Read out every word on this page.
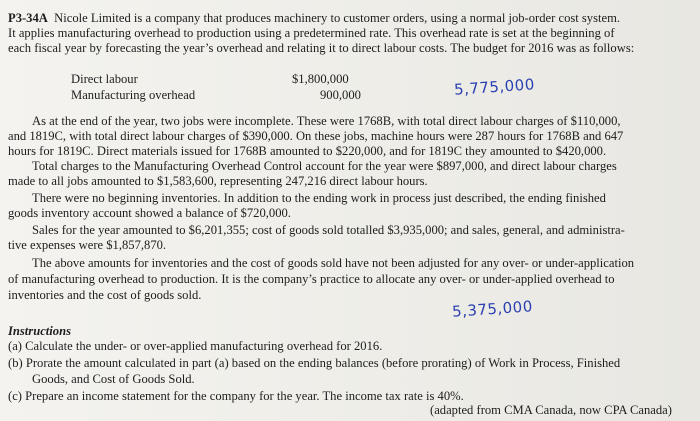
P3-34A Nicole Limited is a company that produces machinery to customer orders, using a normal job-order cost system.
It applies manufacturing overhead to production using a predetermined rate. This overhead rate is set at the beginning of
each fiscal year by forecasting the year’s overhead and relating it to direct labour costs. The budget for 2016 was as follows:
Direct labour	$1,800,000
Manufacturing overhead	900,000	5,775,000
As at the end of the year, two jobs were incomplete. These were 1768B, with total direct labour charges of $110,000,
and 1819C, with total direct labour charges of $390,000. On these jobs, machine hours were 287 hours for 1768B and 647
hours for 1819C. Direct materials issued for 1768B amounted to $220,000, and for 1819C they amounted to $420,000.
Total charges to the Manufacturing Overhead Control account for the year were $897,000, and direct labour charges
made to all jobs amounted to $1,583,600, representing 247,216 direct labour hours.
There were no beginning inventories. In addition to the ending work in process just described, the ending finished
goods inventory account showed a balance of $720,000.
Sales for the year amounted to $6,201,355; cost of goods sold totalled $3,935,000; and sales, general, and administra-
tive expenses were $1,857,870.
The above amounts for inventories and the cost of goods sold have not been adjusted for any over- or under-application
of manufacturing overhead to production. It is the company’s practice to allocate any over- or under-applied overhead to
inventories and the cost of goods sold.
5,375,000
Instructions
(a) Calculate the under- or over-applied manufacturing overhead for 2016.
(b) Prorate the amount calculated in part (a) based on the ending balances (before prorating) of Work in Process, Finished
Goods, and Cost of Goods Sold.
(c) Prepare an income statement for the company for the year. The income tax rate is 40%.
(adapted from CMA Canada, now CPA Canada)
